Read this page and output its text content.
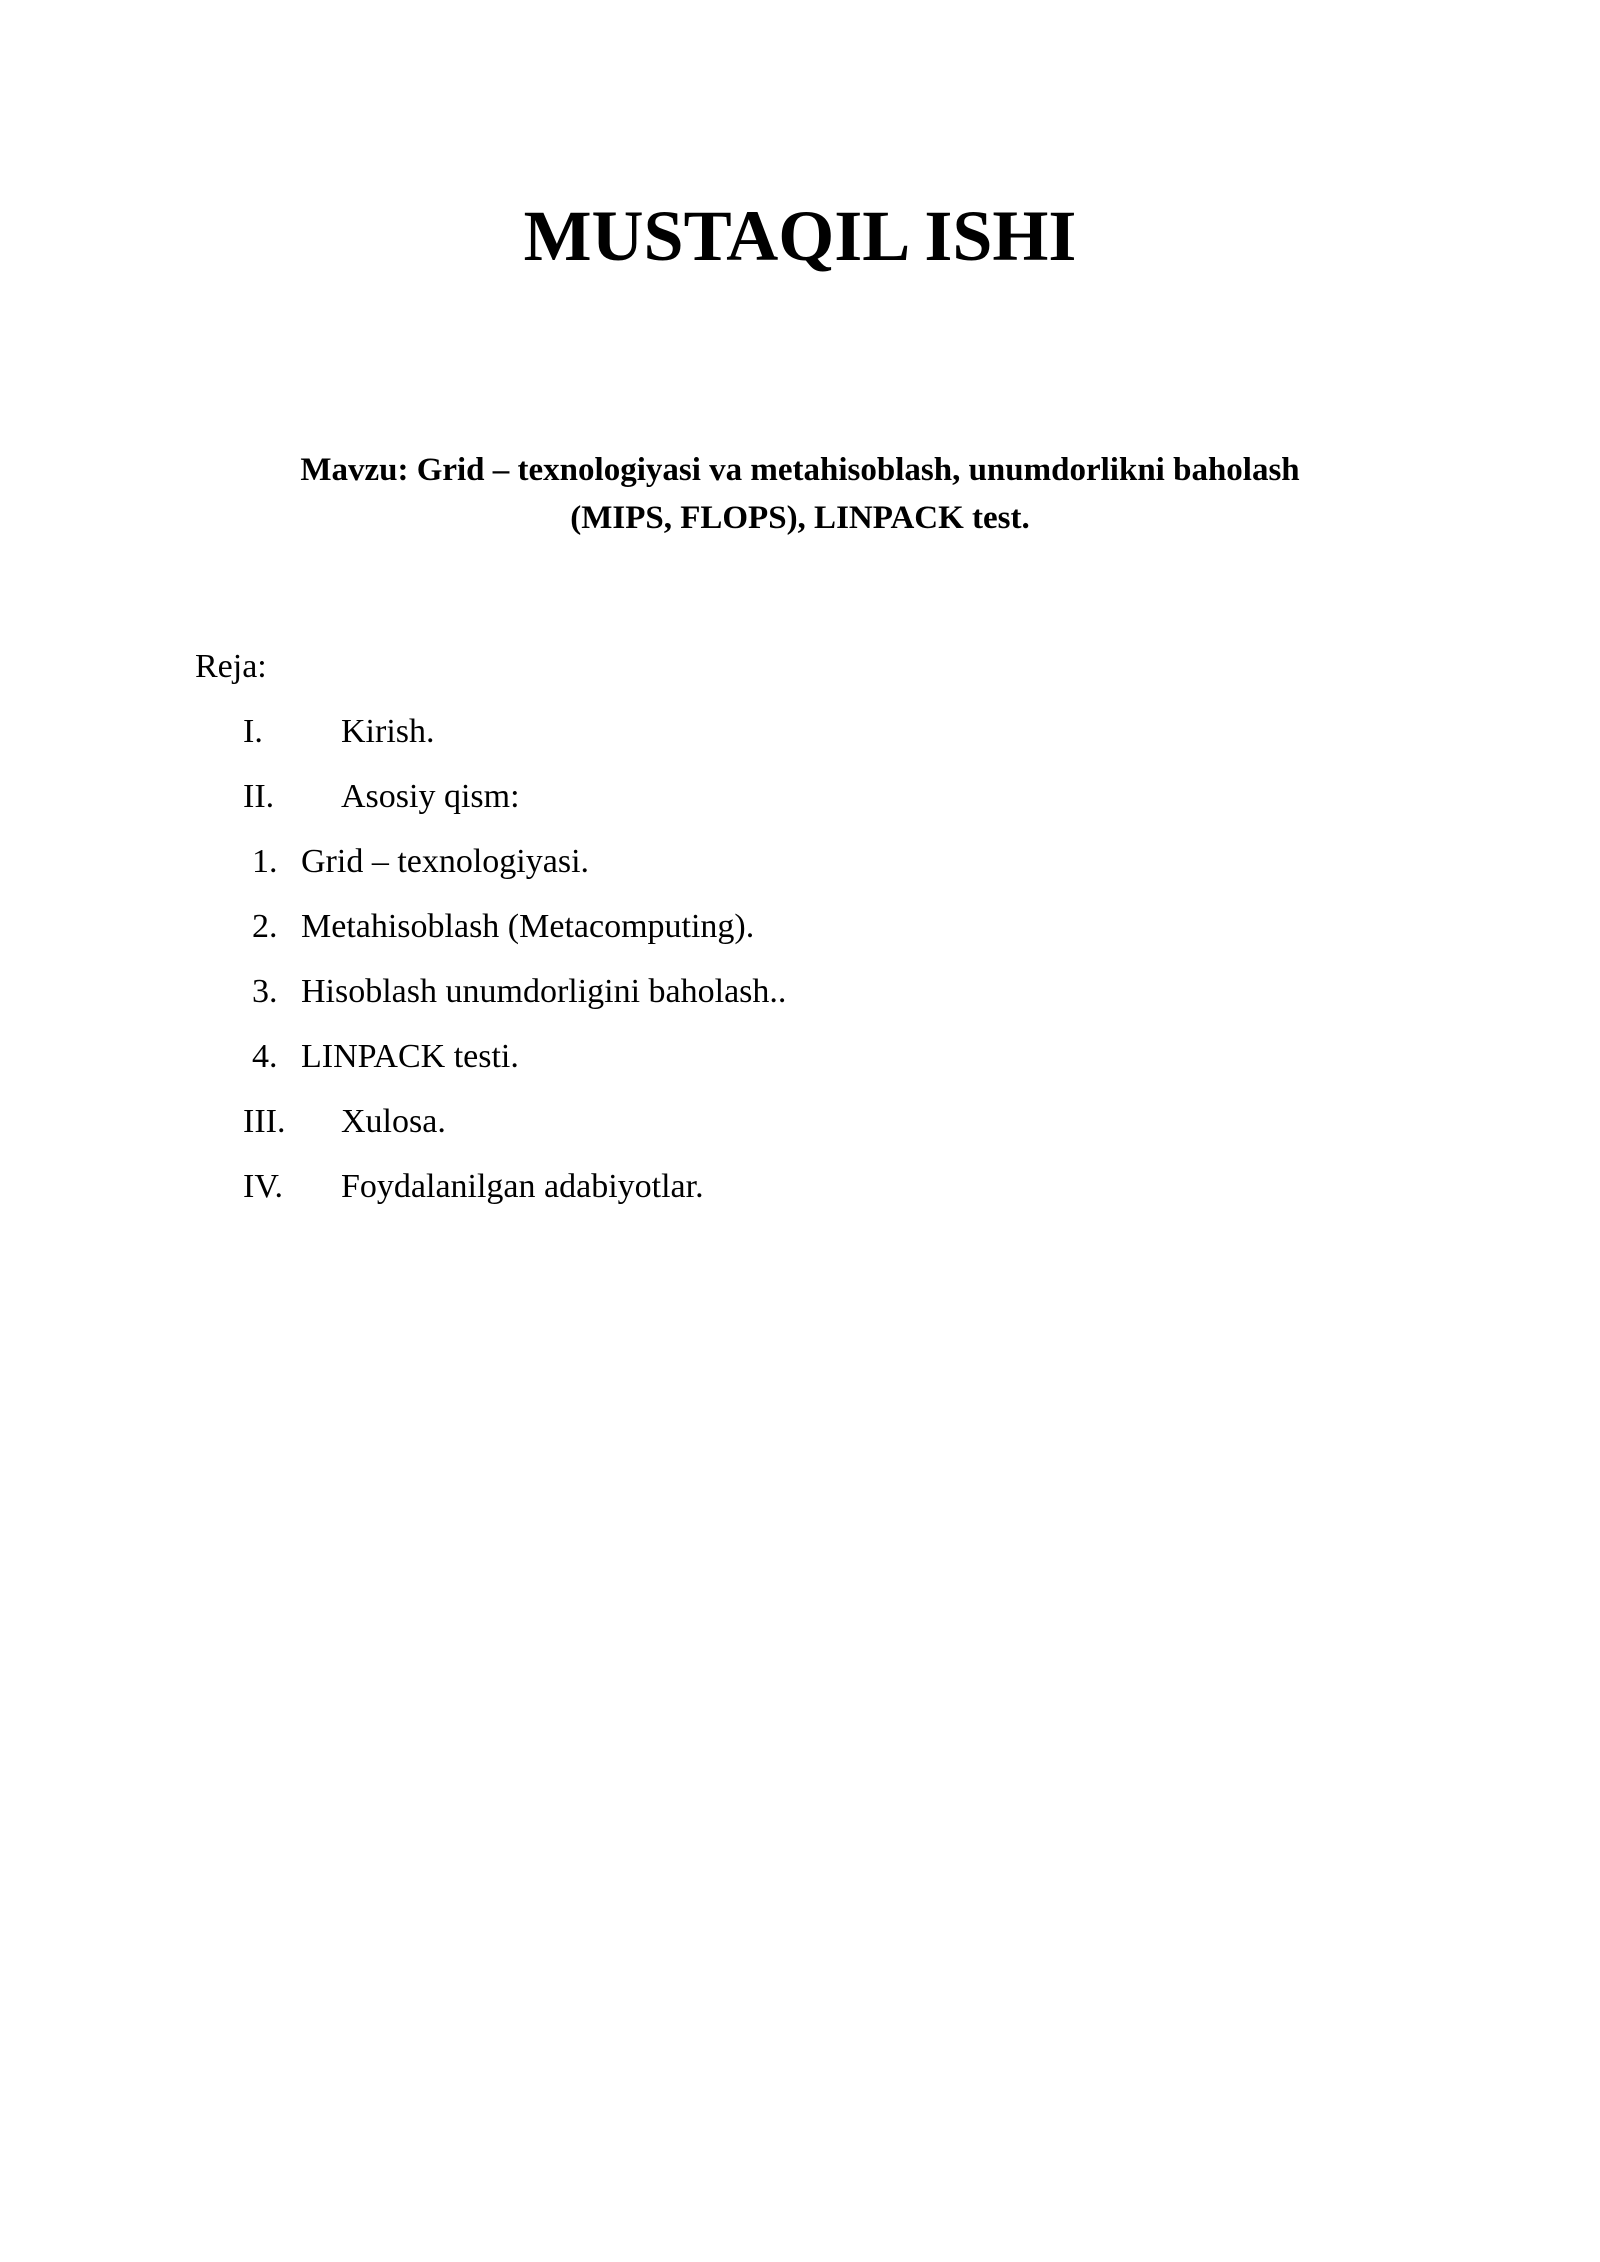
MUSTAQIL ISHI
Mavzu: Grid – texnologiyasi va metahisoblash, unumdorlikni baholash
(MIPS, FLOPS), LINPACK test.
Reja:
I. Kirish.
II. Asosiy qism:
1. Grid – texnologiyasi.
2. Metahisoblash (Metacomputing).
3. Hisoblash unumdorligini baholash..
4. LINPACK testi.
III. Xulosa.
IV. Foydalanilgan adabiyotlar.
